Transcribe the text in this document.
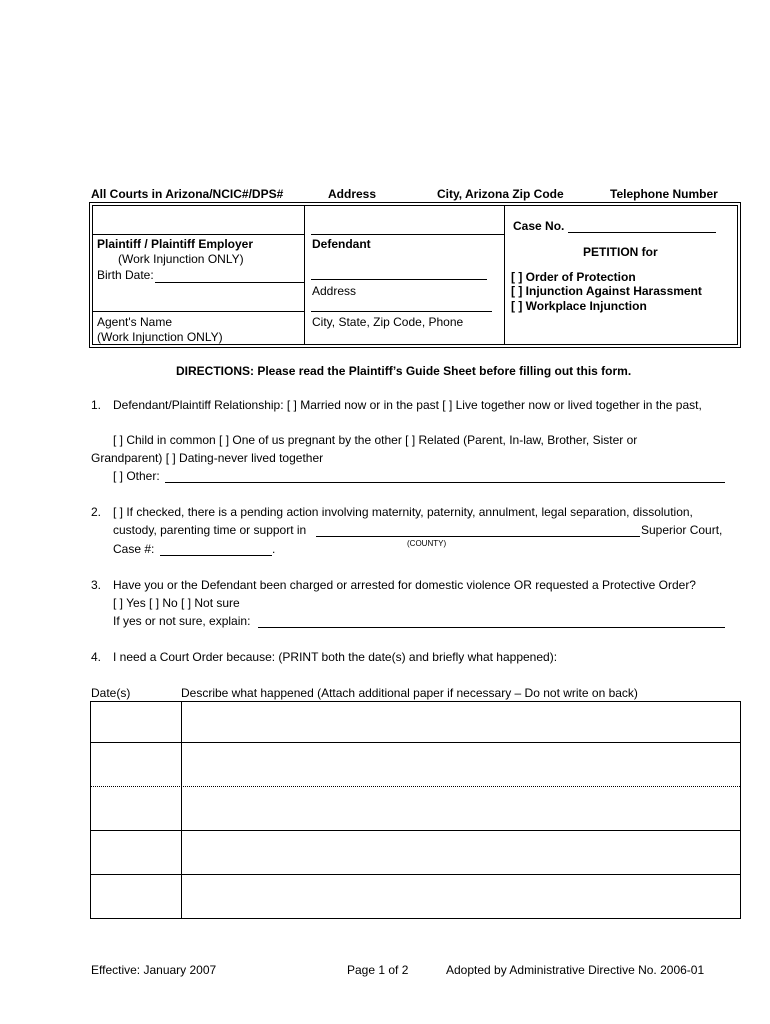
All Courts in Arizona/NCIC#/DPS#	Address	City, Arizona Zip Code	Telephone Number
Plaintiff / Plaintiff Employer
(Work Injunction ONLY)
Birth Date:
Agent's Name
(Work Injunction ONLY)
Defendant
Address
City, State, Zip Code, Phone
Case No.
PETITION for
[ ] Order of Protection
[ ] Injunction Against Harassment
[ ] Workplace Injunction
DIRECTIONS: Please read the Plaintiff’s Guide Sheet before filling out this form.
1. Defendant/Plaintiff Relationship: [ ] Married now or in the past [ ] Live together now or lived together in the past,
[ ] Child in common [ ] One of us pregnant by the other [ ] Related (Parent, In-law, Brother, Sister or
Grandparent) [ ] Dating-never lived together
[ ] Other:
2. [ ] If checked, there is a pending action involving maternity, paternity, annulment, legal separation, dissolution,
custody, parenting time or support in	Superior Court,
(COUNTY)
Case #:	.
3. Have you or the Defendant been charged or arrested for domestic violence OR requested a Protective Order?
[ ] Yes [ ] No [ ] Not sure
If yes or not sure, explain:
4. I need a Court Order because: (PRINT both the date(s) and briefly what happened):
Date(s)	Describe what happened (Attach additional paper if necessary – Do not write on back)
Effective: January 2007	Page 1 of 2	Adopted by Administrative Directive No. 2006-01
